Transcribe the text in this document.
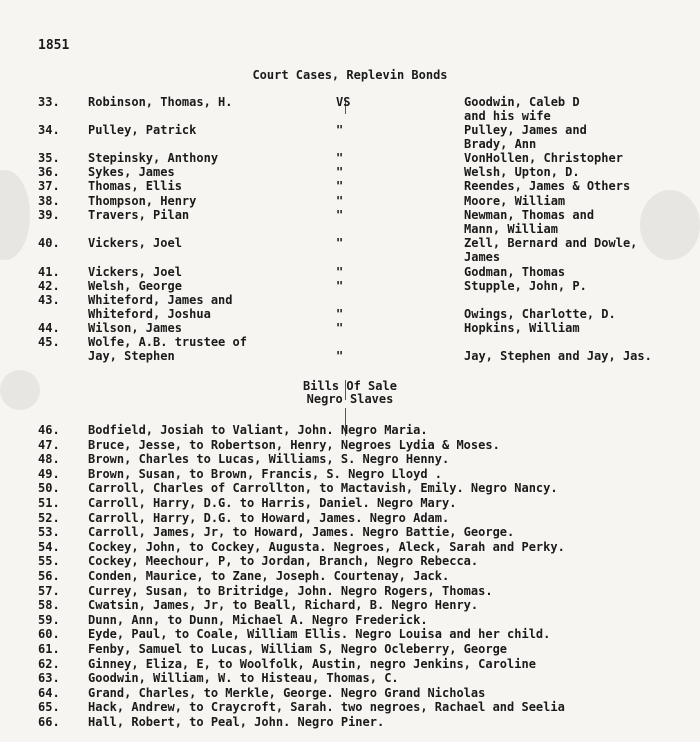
1851
Court Cases, Replevin Bonds
33. Robinson, Thomas, H.	VS	Goodwin, Caleb D
and his wife
34. Pulley, Patrick	"	Pulley, James and
Brady, Ann
35. Stepinsky, Anthony	"	VonHollen, Christopher
36. Sykes, James	"	Welsh, Upton, D.
37. Thomas, Ellis	"	Reendes, James & Others
38. Thompson, Henry	"	Moore, William
39. Travers, Pilan	"	Newman, Thomas and
Mann, William
40. Vickers, Joel	"	Zell, Bernard and Dowle,
James
41. Vickers, Joel	"	Godman, Thomas
42. Welsh, George	"	Stupple, John, P.
43. Whiteford, James and
Whiteford, Joshua	"
	Owings, Charlotte, D.
44. Wilson, James	"	Hopkins, William
45. Wolfe, A.B. trustee of
Jay, Stephen	"
	Jay, Stephen and Jay, Jas.
Bills Of Sale
Negro Slaves
46. Bodfield, Josiah to Valiant, John. Negro Maria.
47. Bruce, Jesse, to Robertson, Henry, Negroes Lydia & Moses.
48. Brown, Charles to Lucas, Williams, S. Negro Henny.
49. Brown, Susan, to Brown, Francis, S. Negro Lloyd .
50. Carroll, Charles of Carrollton, to Mactavish, Emily. Negro Nancy.
51. Carroll, Harry, D.G. to Harris, Daniel. Negro Mary.
52. Carroll, Harry, D.G. to Howard, James. Negro Adam.
53. Carroll, James, Jr, to Howard, James. Negro Battie, George.
54. Cockey, John, to Cockey, Augusta. Negroes, Aleck, Sarah and Perky.
55. Cockey, Meechour, P, to Jordan, Branch, Negro Rebecca.
56. Conden, Maurice, to Zane, Joseph. Courtenay, Jack.
57. Currey, Susan, to Britridge, John. Negro Rogers, Thomas.
58. Cwatsin, James, Jr, to Beall, Richard, B. Negro Henry.
59. Dunn, Ann, to Dunn, Michael A. Negro Frederick.
60. Eyde, Paul, to Coale, William Ellis. Negro Louisa and her child.
61. Fenby, Samuel to Lucas, William S, Negro Ocleberry, George
62. Ginney, Eliza, E, to Woolfolk, Austin, negro Jenkins, Caroline
63. Goodwin, William, W. to Histeau, Thomas, C.
64. Grand, Charles, to Merkle, George. Negro Grand Nicholas
65. Hack, Andrew, to Craycroft, Sarah. two negroes, Rachael and Seelia
66. Hall, Robert, to Peal, John. Negro Piner.
